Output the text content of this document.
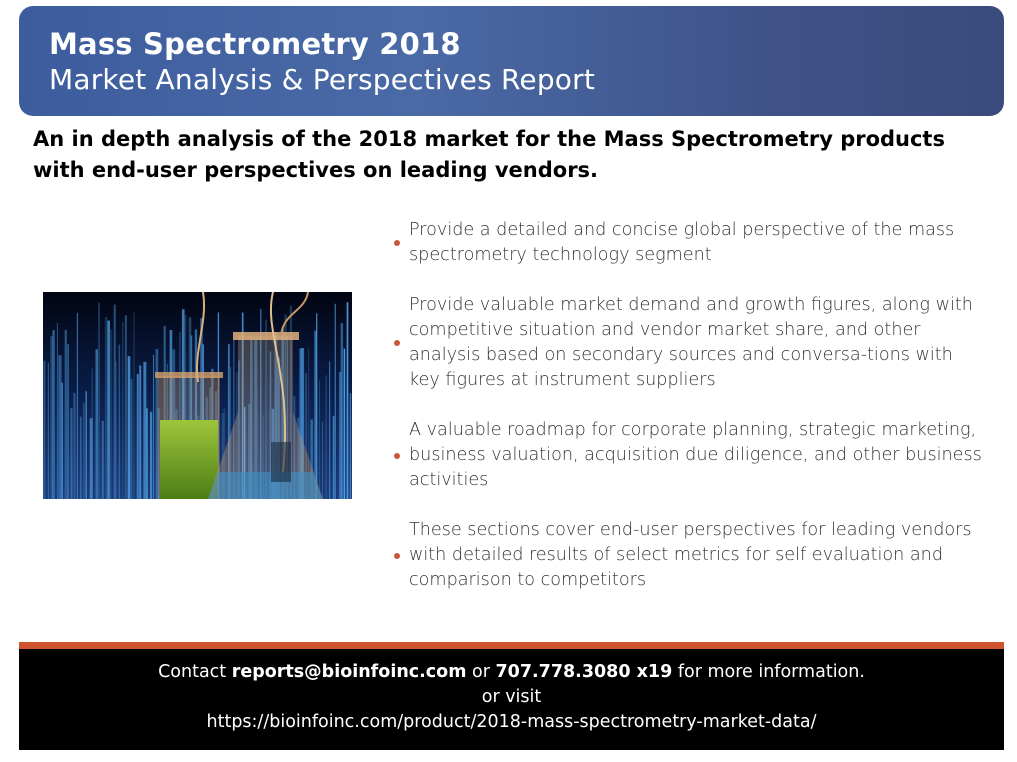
Mass Spectrometry 2018
Market Analysis & Perspectives Report
An in depth analysis of the 2018 market for the Mass Spectrometry products with end-user perspectives on leading vendors.
Provide a detailed and concise global perspective of the mass spectrometry technology segment
Provide valuable market demand and growth figures, along with competitive situation and vendor market share, and other analysis based on secondary sources and conversa-tions with key figures at instrument suppliers
A valuable roadmap for corporate planning, strategic marketing, business valuation, acquisition due diligence, and other business activities
These sections cover end-user perspectives for leading vendors with detailed results of select metrics for self evaluation and comparison to competitors
Contact reports@bioinfoinc.com or 707.778.3080 x19 for more information.
or visit
https://bioinfoinc.com/product/2018-mass-spectrometry-market-data/
